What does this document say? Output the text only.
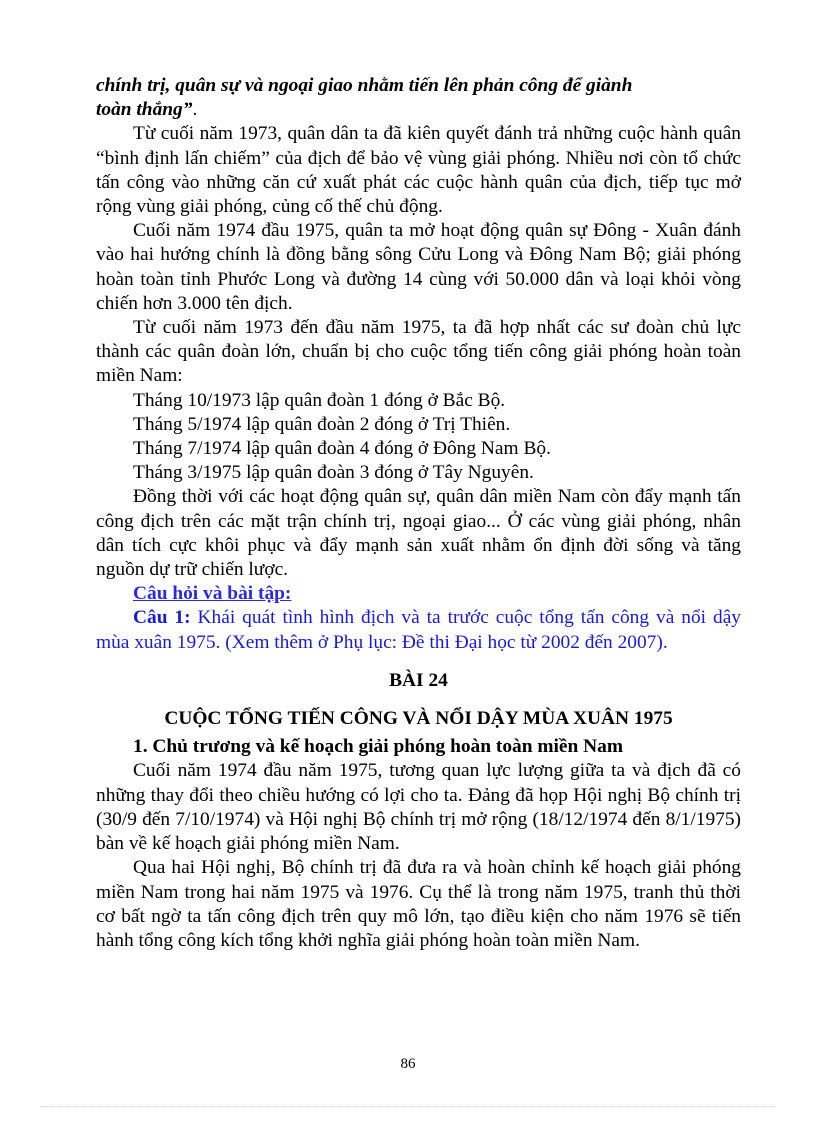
chính trị, quân sự và ngoại giao nhằm tiến lên phản công để giành
toàn thắng”.

Từ cuối năm 1973, quân dân ta đã kiên quyết đánh trả những cuộc hành quân “bình định lấn chiếm” của địch để bảo vệ vùng giải phóng. Nhiều nơi còn tổ chức tấn công vào những căn cứ xuất phát các cuộc hành quân của địch, tiếp tục mở rộng vùng giải phóng, củng cố thế chủ động.

Cuối năm 1974 đầu 1975, quân ta mở hoạt động quân sự Đông - Xuân đánh vào hai hướng chính là đồng bằng sông Cửu Long và Đông Nam Bộ; giải phóng hoàn toàn tỉnh Phước Long và đường 14 cùng với 50.000 dân và loại khỏi vòng chiến hơn 3.000 tên địch.

Từ cuối năm 1973 đến đầu năm 1975, ta đã hợp nhất các sư đoàn chủ lực thành các quân đoàn lớn, chuẩn bị cho cuộc tổng tiến công giải phóng hoàn toàn miền Nam:

Tháng 10/1973 lập quân đoàn 1 đóng ở Bắc Bộ.

Tháng 5/1974 lập quân đoàn 2 đóng ở Trị Thiên.

Tháng 7/1974 lập quân đoàn 4 đóng ở Đông Nam Bộ.

Tháng 3/1975 lập quân đoàn 3 đóng ở Tây Nguyên.

Đồng thời với các hoạt động quân sự, quân dân miền Nam còn đẩy mạnh tấn công địch trên các mặt trận chính trị, ngoại giao... Ở các vùng giải phóng, nhân dân tích cực khôi phục và đẩy mạnh sản xuất nhằm ổn định đời sống và tăng nguồn dự trữ chiến lược.

Câu hỏi và bài tập:

Câu 1: Khái quát tình hình địch và ta trước cuộc tổng tấn công và nổi dậy mùa xuân 1975. (Xem thêm ở Phụ lục: Đề thi Đại học từ 2002 đến 2007).

BÀI 24

CUỘC TỔNG TIẾN CÔNG VÀ NỔI DẬY MÙA XUÂN 1975

1. Chủ trương và kế hoạch giải phóng hoàn toàn miền Nam

Cuối năm 1974 đầu năm 1975, tương quan lực lượng giữa ta và địch đã có những thay đổi theo chiều hướng có lợi cho ta. Đảng đã họp Hội nghị Bộ chính trị (30/9 đến 7/10/1974) và Hội nghị Bộ chính trị mở rộng (18/12/1974 đến 8/1/1975) bàn về kế hoạch giải phóng miền Nam.

Qua hai Hội nghị, Bộ chính trị đã đưa ra và hoàn chỉnh kế hoạch giải phóng miền Nam trong hai năm 1975 và 1976. Cụ thể là trong năm 1975, tranh thủ thời cơ bất ngờ ta tấn công địch trên quy mô lớn, tạo điều kiện cho năm 1976 sẽ tiến hành tổng công kích tổng khởi nghĩa giải phóng hoàn toàn miền Nam.

86
